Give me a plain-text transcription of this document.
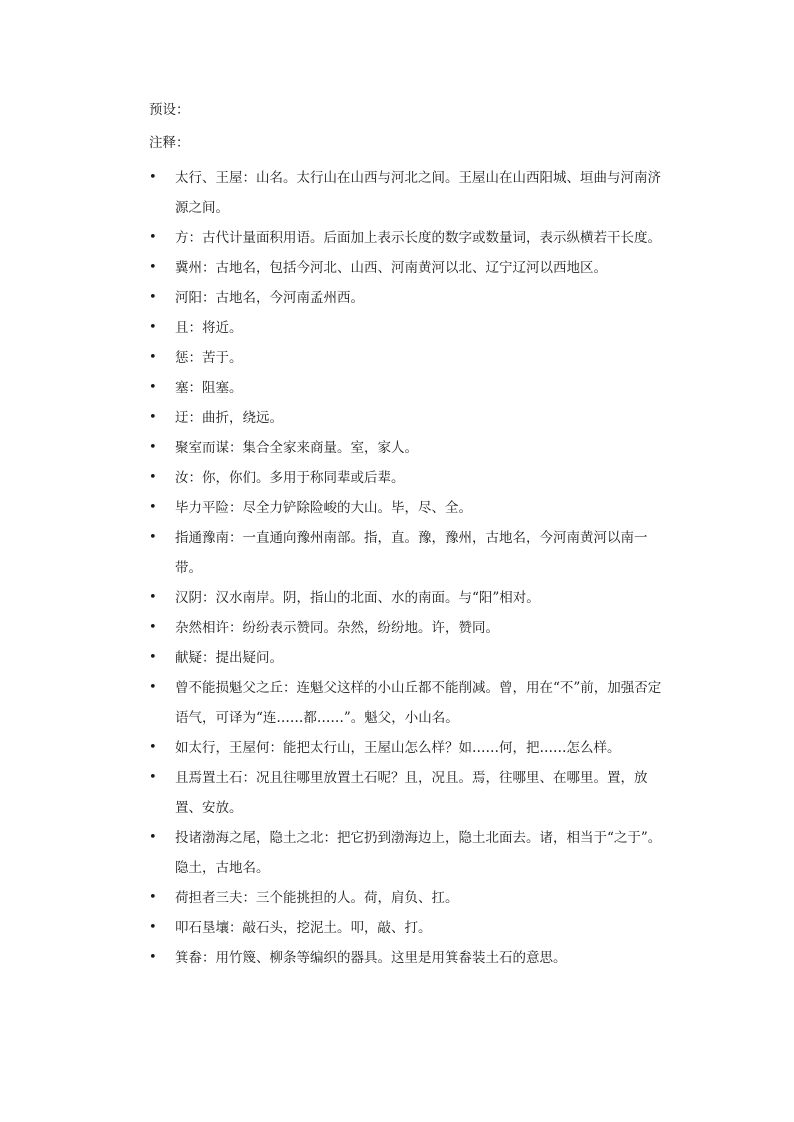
预设：

注释：

• 太行、王屋：山名。太行山在山西与河北之间。王屋山在山西阳城、垣曲与河南济源之间。
• 方：古代计量面积用语。后面加上表示长度的数字或数量词，表示纵横若干长度。
• 冀州：古地名，包括今河北、山西、河南黄河以北、辽宁辽河以西地区。
• 河阳：古地名，今河南孟州西。
• 且：将近。
• 惩：苦于。
• 塞：阻塞。
• 迂：曲折，绕远。
• 聚室而谋：集合全家来商量。室，家人。
• 汝：你，你们。多用于称同辈或后辈。
• 毕力平险：尽全力铲除险峻的大山。毕，尽、全。
• 指通豫南：一直通向豫州南部。指，直。豫，豫州，古地名，今河南黄河以南一带。
• 汉阴：汉水南岸。阴，指山的北面、水的南面。与“阳”相对。
• 杂然相许：纷纷表示赞同。杂然，纷纷地。许，赞同。
• 献疑：提出疑问。
• 曾不能损魁父之丘：连魁父这样的小山丘都不能削减。曾，用在“不”前，加强否定语气，可译为“连……都……”。魁父，小山名。
• 如太行，王屋何：能把太行山，王屋山怎么样？如……何，把……怎么样。
• 且焉置土石：况且往哪里放置土石呢？且，况且。焉，往哪里、在哪里。置，放置、安放。
• 投诸渤海之尾，隐土之北：把它扔到渤海边上，隐土北面去。诸，相当于“之于”。隐土，古地名。
• 荷担者三夫：三个能挑担的人。荷，肩负、扛。
• 叩石垦壤：敲石头，挖泥土。叩，敲、打。
• 箕畚：用竹篾、柳条等编织的器具。这里是用箕畚装土石的意思。
